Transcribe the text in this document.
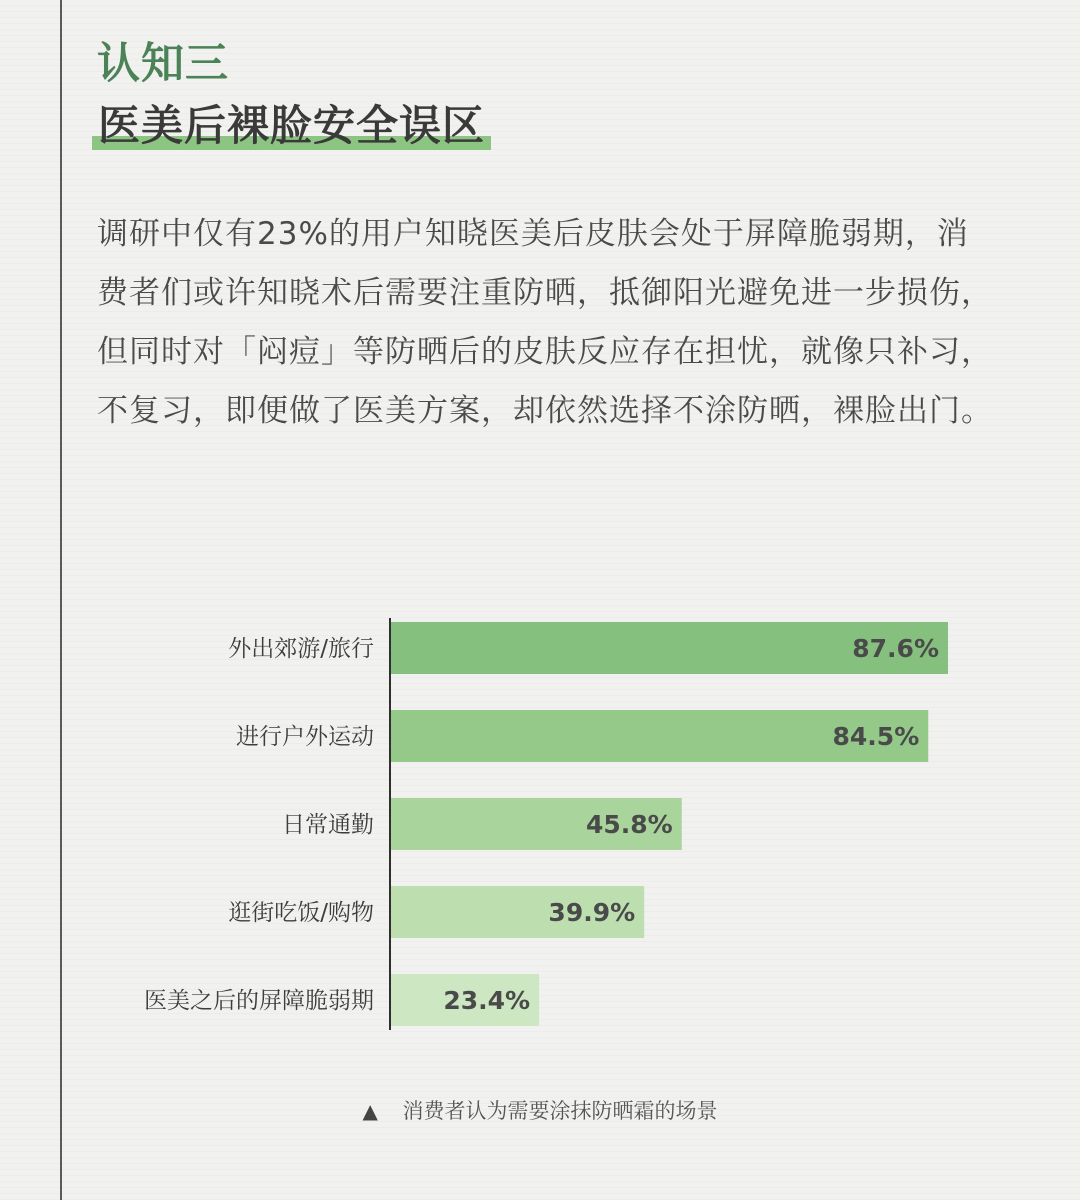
认知三
医美后裸脸安全误区

调研中仅有23%的用户知晓医美后皮肤会处于屏障脆弱期，消费者们或许知晓术后需要注重防晒，抵御阳光避免进一步损伤，但同时对「闷痘」等防晒后的皮肤反应存在担忧，就像只补习，不复习，即便做了医美方案，却依然选择不涂防晒，裸脸出门。

外出郊游/旅行	87.6%
进行户外运动	84.5%
日常通勤	45.8%
逛街吃饭/购物	39.9%
医美之后的屏障脆弱期	23.4%
▲ 消费者认为需要涂抹防晒霜的场景
